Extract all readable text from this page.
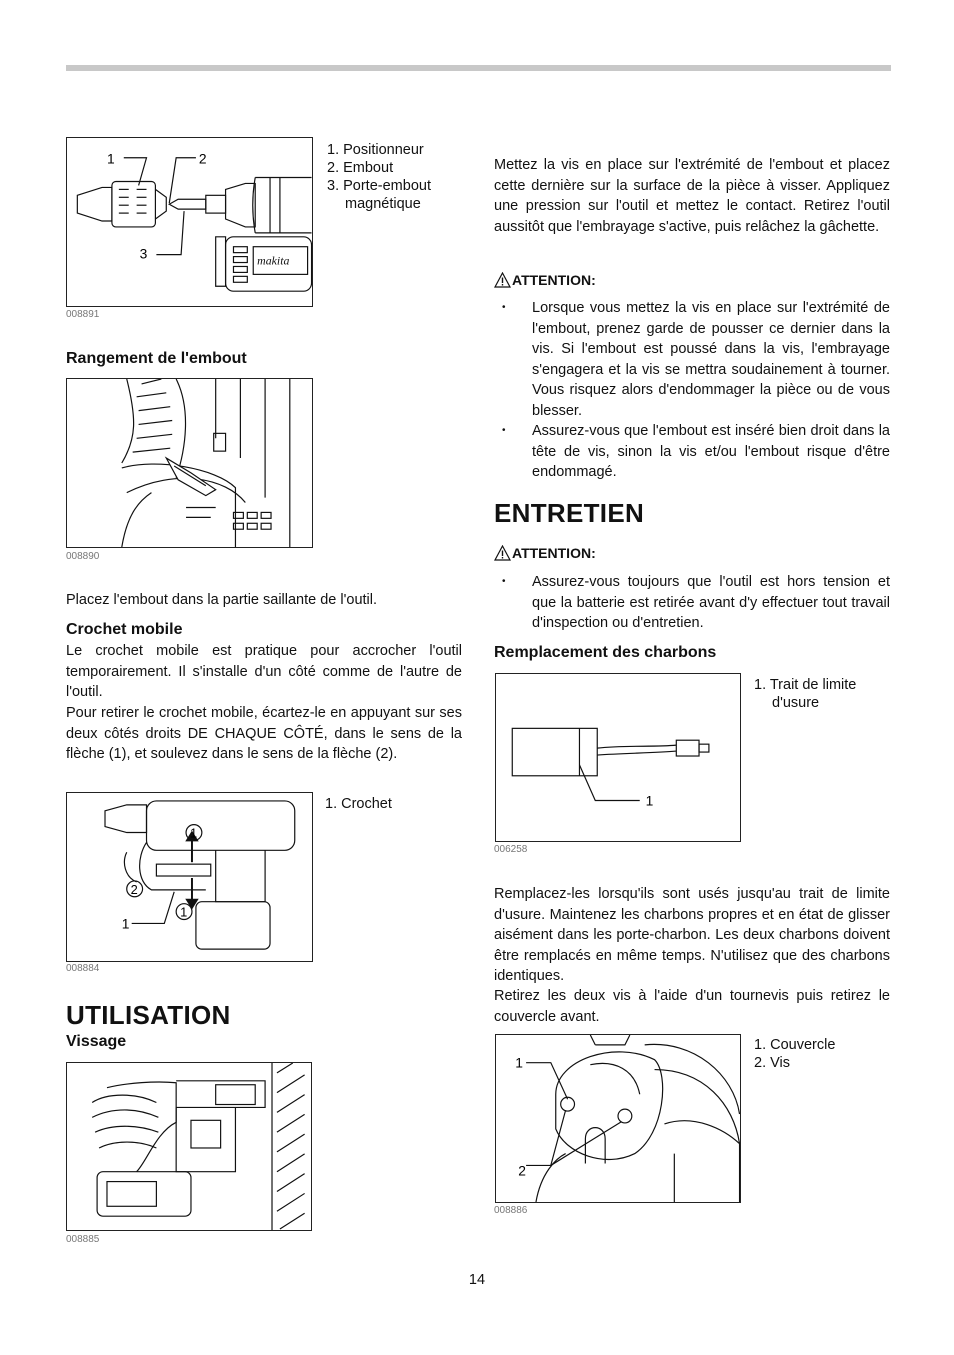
makita
1	2
3
1. Positionneur
2. Embout
3. Porte-embout
magnétique
008891
Rangement de l'embout
008890

Placez l'embout dans la partie saillante de l'outil.

Crochet mobile

Le crochet mobile est pratique pour accrocher l'outil temporairement. Il s'installe d'un côté comme de l'autre de l'outil.

Pour retirer le crochet mobile, écartez-le en appuyant sur ses deux côtés droits DE CHAQUE CÔTÉ, dans le sens de la flèche (1), et soulevez dans le sens de la flèche (2).

1
2
1
1
1. Crochet
008884
UTILISATION
Vissage
008885

Mettez la vis en place sur l'extrémité de l'embout et placez cette dernière sur la surface de la pièce à visser. Appliquez une pression sur l'outil et mettez le contact. Retirez l'outil aussitôt que l'embrayage s'active, puis relâchez la gâchette.

ATTENTION:
• Lorsque vous mettez la vis en place sur l'extrémité de l'embout, prenez garde de pousser ce dernier dans la vis. Si l'embout est poussé dans la vis, l'embrayage s'engagera et la vis se mettra soudainement à tourner. Vous risquez alors d'endommager la pièce ou de vous blesser.
• Assurez-vous que l'embout est inséré bien droit dans la tête de vis, sinon la vis et/ou l'embout risque d'être endommagé.
ENTRETIEN
ATTENTION:
• Assurez-vous toujours que l'outil est hors tension et que la batterie est retirée avant d'y effectuer tout travail d'inspection ou d'entretien.
Remplacement des charbons
1
1. Trait de limite
d'usure
006258

Remplacez-les lorsqu'ils sont usés jusqu'au trait de limite d'usure. Maintenez les charbons propres et en état de glisser aisément dans les porte-charbon. Les deux charbons doivent être remplacés en même temps. N'utilisez que des charbons identiques.

Retirez les deux vis à l'aide d'un tournevis puis retirez le couvercle avant.

1
2
1. Couvercle
2. Vis
008886
14
